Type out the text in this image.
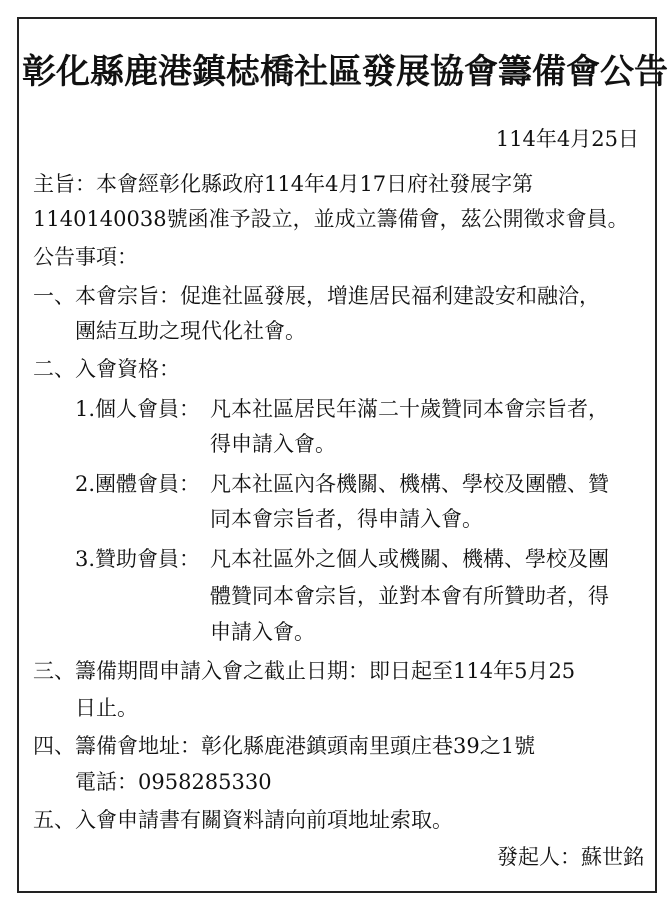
彰化縣鹿港鎮梽橋社區發展協會籌備會公告
114年4月25日
主旨：本會經彰化縣政府114年4月17日府社發展字第
1140140038號函准予設立，並成立籌備會，茲公開徵求會員。
公告事項：
一、本會宗旨：促進社區發展，增進居民福利建設安和融洽，
團結互助之現代化社會。
二、入會資格：
1.個人會員： 凡本社區居民年滿二十歲贊同本會宗旨者，
得申請入會。
2.團體會員： 凡本社區內各機關、機構、學校及團體、贊
同本會宗旨者，得申請入會。
3.贊助會員： 凡本社區外之個人或機關、機構、學校及團
體贊同本會宗旨，並對本會有所贊助者，得
申請入會。
三、籌備期間申請入會之截止日期：即日起至114年5月25
日止。
四、籌備會地址：彰化縣鹿港鎮頭南里頭庄巷39之1號
電話：0958285330
五、入會申請書有關資料請向前項地址索取。
發起人：蘇世銘
